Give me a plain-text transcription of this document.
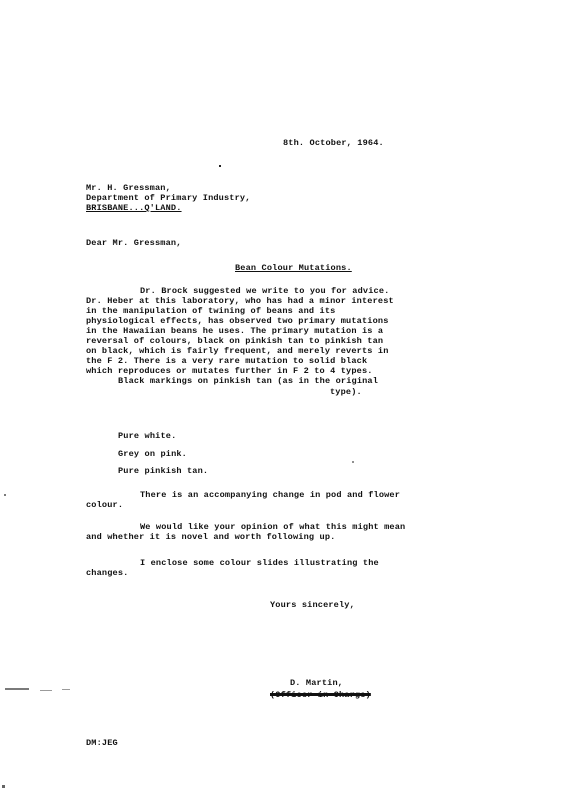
8th. October, 1964.
Mr. H. Gressman,
Department of Primary Industry,
BRISBANE...Q'LAND.
Dear Mr. Gressman,
Bean Colour Mutations.
Dr. Brock suggested we write to you for advice.
Dr. Heber at this laboratory, who has had a minor interest
in the manipulation of twining of beans and its
physiological effects, has observed two primary mutations
in the Hawaiian beans he uses. The primary mutation is a
reversal of colours, black on pinkish tan to pinkish tan
on black, which is fairly frequent, and merely reverts in
the F 2. There is a very rare mutation to solid black
which reproduces or mutates further in F 2 to 4 types.
Black markings on pinkish tan (as in the original
type).
Pure white.
Grey on pink.
Pure pinkish tan.
There is an accompanying change in pod and flower
colour.
We would like your opinion of what this might mean
and whether it is novel and worth following up.
I enclose some colour slides illustrating the
changes.
Yours sincerely,
D. Martin,
(Officer-in-Charge)
DM:JEG
